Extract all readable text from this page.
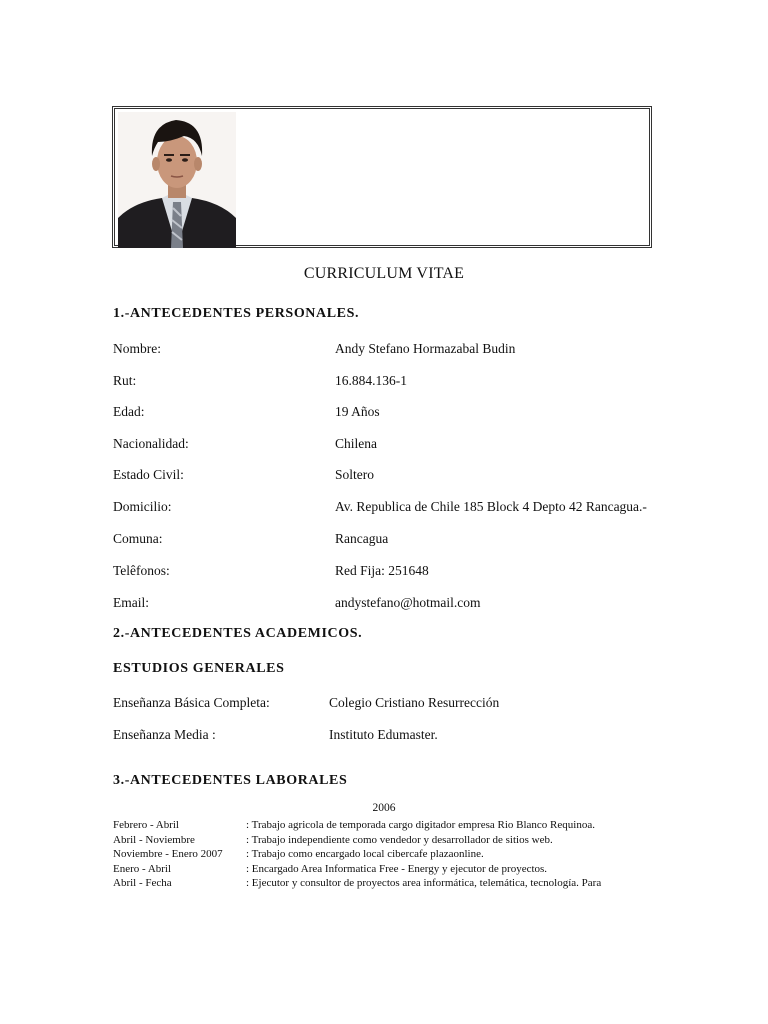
CURRICULUM VITAE
1.-ANTECEDENTES PERSONALES.
Nombre:	Andy Stefano Hormazabal Budin
Rut:	16.884.136-1
Edad:	19 Años
Nacionalidad:	Chilena
Estado Civil:	Soltero
Domicilio:	Av. Republica de Chile 185 Block 4 Depto 42 Rancagua.-
Comuna:	Rancagua
Telêfonos:	Red Fija: 251648
Email:	andystefano@hotmail.com
2.-ANTECEDENTES ACADEMICOS.
ESTUDIOS GENERALES
Enseñanza Básica Completa:	Colegio Cristiano Resurrección
Enseñanza Media :	Instituto Edumaster.
3.-ANTECEDENTES LABORALES
2006
Febrero - Abril	: Trabajo agricola de temporada cargo digitador empresa Rio Blanco Requinoa.
Abril - Noviembre	: Trabajo independiente como vendedor y desarrollador de sitios web.
Noviembre - Enero 2007 : Trabajo como encargado local cibercafe plazaonline.
Enero - Abril	: Encargado Area Informatica Free - Energy y ejecutor de proyectos.
Abril - Fecha	: Ejecutor y consultor de proyectos area informática, telemática, tecnología. Para
